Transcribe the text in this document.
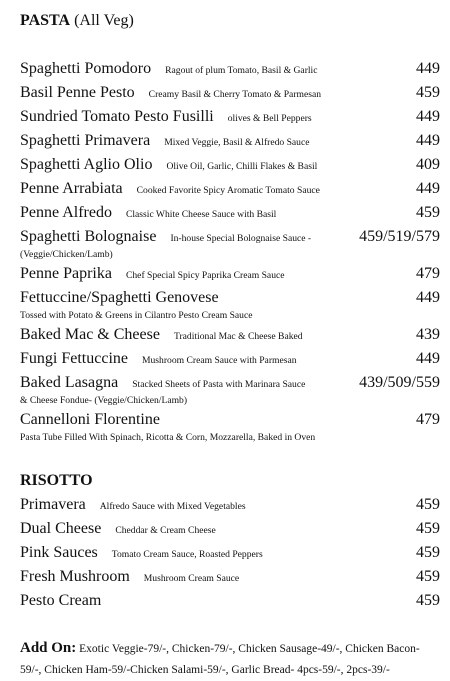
PASTA (All Veg)
Spaghetti Pomodoro Ragout of plum Tomato, Basil & Garlic	449
Basil Penne Pesto Creamy Basil & Cherry Tomato & Parmesan	459
Sundried Tomato Pesto Fusilli olives & Bell Peppers	449
Spaghetti Primavera Mixed Veggie, Basil & Alfredo Sauce	449
Spaghetti Aglio Olio Olive Oil, Garlic, Chilli Flakes & Basil	409
Penne Arrabiata Cooked Favorite Spicy Aromatic Tomato Sauce	449
Penne Alfredo Classic White Cheese Sauce with Basil	459
Spaghetti Bolognaise In-house Special Bolognaise Sauce -	459/519/579
(Veggie/Chicken/Lamb)
Penne Paprika Chef Special Spicy Paprika Cream Sauce	479
Fettuccine/Spaghetti Genovese	449
Tossed with Potato & Greens in Cilantro Pesto Cream Sauce
Baked Mac & Cheese Traditional Mac & Cheese Baked	439
Fungi Fettuccine Mushroom Cream Sauce with Parmesan	449
Baked Lasagna Stacked Sheets of Pasta with Marinara Sauce	439/509/559
& Cheese Fondue- (Veggie/Chicken/Lamb)
Cannelloni Florentine	479
Pasta Tube Filled With Spinach, Ricotta & Corn, Mozzarella, Baked in Oven
RISOTTO
Primavera Alfredo Sauce with Mixed Vegetables	459
Dual Cheese Cheddar & Cream Cheese	459
Pink Sauces Tomato Cream Sauce, Roasted Peppers	459
Fresh Mushroom Mushroom Cream Sauce	459
Pesto Cream	459
Add On: Exotic Veggie-79/-, Chicken-79/-, Chicken Sausage-49/-, Chicken Bacon-59/-, Chicken Ham-59/-Chicken Salami-59/-, Garlic Bread- 4pcs-59/-, 2pcs-39/-
